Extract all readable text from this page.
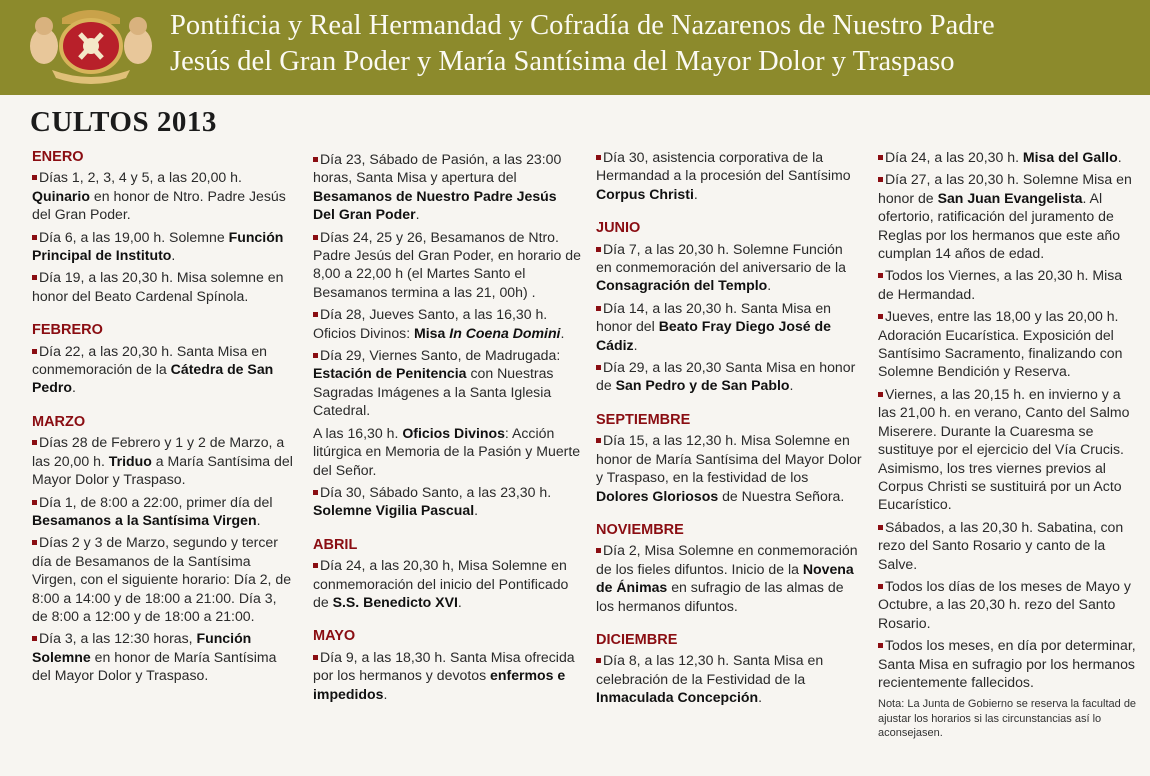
Pontificia y Real Hermandad y Cofradía de Nazarenos de Nuestro Padre
Jesús del Gran Poder y María Santísima del Mayor Dolor y Traspaso
CULTOS 2013
ENERO
Días 1, 2, 3, 4 y 5, a las 20,00 h. Quinario en honor de Ntro. Padre Jesús del Gran Poder.
Día 6, a las 19,00 h. Solemne Función Principal de Instituto.
Día 19, a las 20,30 h. Misa solemne en honor del Beato Cardenal Spínola.
FEBRERO
Día 22, a las 20,30 h. Santa Misa en conmemoración de la Cátedra de San Pedro.
MARZO
Días 28 de Febrero y 1 y 2 de Marzo, a las 20,00 h. Triduo a María Santísima del Mayor Dolor y Traspaso.
Día 1, de 8:00 a 22:00, primer día del Besamanos a la Santísima Virgen.
Días 2 y 3 de Marzo, segundo y tercer día de Besamanos de la Santísima Virgen, con el siguiente horario: Día 2, de 8:00 a 14:00 y de 18:00 a 21:00. Día 3, de 8:00 a 12:00 y de 18:00 a 21:00.
Día 3, a las 12:30 horas, Función Solemne en honor de María Santísima del Mayor Dolor y Traspaso.
Día 23, Sábado de Pasión, a las 23:00 horas, Santa Misa y apertura del Besamanos de Nuestro Padre Jesús Del Gran Poder.
Días 24, 25 y 26, Besamanos de Ntro. Padre Jesús del Gran Poder, en horario de 8,00 a 22,00 h (el Martes Santo el Besamanos termina a las 21, 00h) .
Día 28, Jueves Santo, a las 16,30 h. Oficios Divinos: Misa In Coena Domini.
Día 29, Viernes Santo, de Madrugada: Estación de Penitencia con Nuestras Sagradas Imágenes a la Santa Iglesia Catedral.
A las 16,30 h. Oficios Divinos: Acción litúrgica en Memoria de la Pasión y Muerte del Señor.
Día 30, Sábado Santo, a las 23,30 h. Solemne Vigilia Pascual.
ABRIL
Día 24, a las 20,30 h, Misa Solemne en conmemoración del inicio del Pontificado de S.S. Benedicto XVI.
MAYO
Día 9, a las 18,30 h. Santa Misa ofrecida por los hermanos y devotos enfermos e impedidos.
Día 30, asistencia corporativa de la Hermandad a la procesión del Santísimo Corpus Christi.
JUNIO
Día 7, a las 20,30 h. Solemne Función en conmemoración del aniversario de la Consagración del Templo.
Día 14, a las 20,30 h. Santa Misa en honor del Beato Fray Diego José de Cádiz.
Día 29, a las 20,30 Santa Misa en honor de San Pedro y de San Pablo.
SEPTIEMBRE
Día 15, a las 12,30 h. Misa Solemne en honor de María Santísima del Mayor Dolor y Traspaso, en la festividad de los Dolores Gloriosos de Nuestra Señora.
NOVIEMBRE
Día 2, Misa Solemne en conmemoración de los fieles difuntos. Inicio de la Novena de Ánimas en sufragio de las almas de los hermanos difuntos.
DICIEMBRE
Día 8, a las 12,30 h. Santa Misa en celebración de la Festividad de la Inmaculada Concepción.
Día 24, a las 20,30 h. Misa del Gallo.
Día 27, a las 20,30 h. Solemne Misa en honor de San Juan Evangelista. Al ofertorio, ratificación del juramento de Reglas por los hermanos que este año cumplan 14 años de edad.
Todos los Viernes, a las 20,30 h. Misa de Hermandad.
Jueves, entre las 18,00 y las 20,00 h. Adoración Eucarística. Exposición del Santísimo Sacramento, finalizando con Solemne Bendición y Reserva.
Viernes, a las 20,15 h. en invierno y a las 21,00 h. en verano, Canto del Salmo Miserere. Durante la Cuaresma se sustituye por el ejercicio del Vía Crucis. Asimismo, los tres viernes previos al Corpus Christi se sustituirá por un Acto Eucarístico.
Sábados, a las 20,30 h. Sabatina, con rezo del Santo Rosario y canto de la Salve.
Todos los días de los meses de Mayo y Octubre, a las 20,30 h. rezo del Santo Rosario.
Todos los meses, en día por determinar, Santa Misa en sufragio por los hermanos recientemente fallecidos.
Nota: La Junta de Gobierno se reserva la facultad de ajustar los horarios si las circunstancias así lo aconsejasen.
